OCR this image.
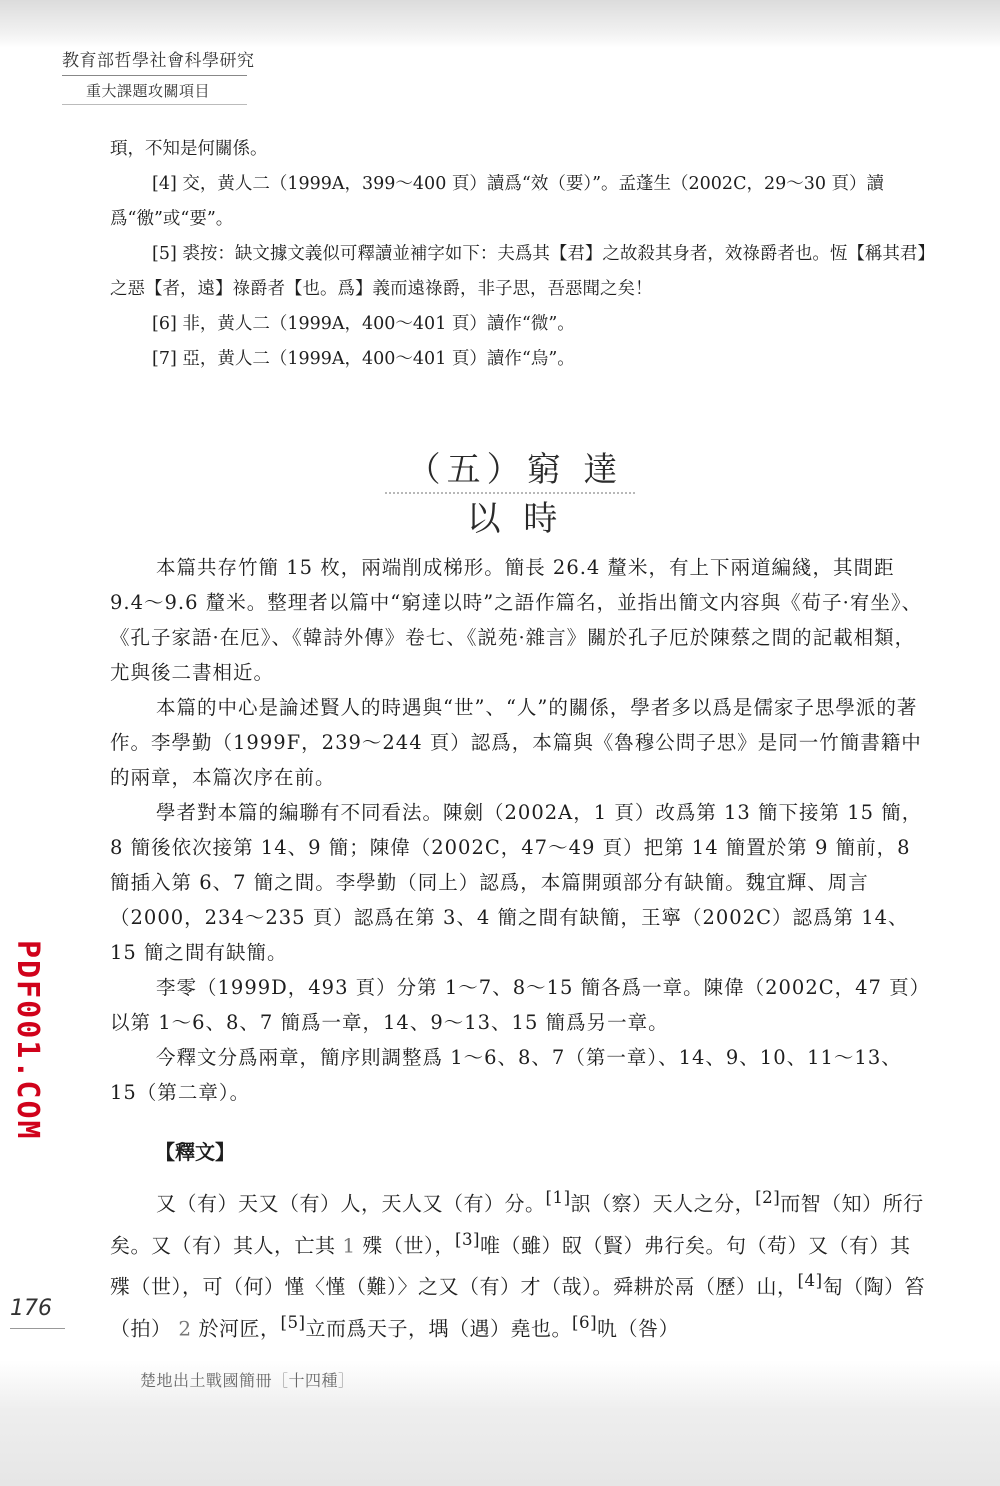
教育部哲學社會科學研究
重大課題攻關項目

頊，不知是何關係。

[4] 交，黄人二（1999A，399～400 頁）讀爲“效（要）”。孟蓬生（2002C，29～30 頁）讀爲“徼”或“要”。

[5] 裘按：缺文據文義似可釋讀並補字如下：夫爲其【君】之故殺其身者，效祿爵者也。恆【稱其君】之惡【者，遠】祿爵者【也。爲】義而遠祿爵，非子思，吾惡聞之矣！

[6] 非，黄人二（1999A，400～401 頁）讀作“微”。

[7] 亞，黄人二（1999A，400～401 頁）讀作“烏”。

（五）窮 達 以 時

本篇共存竹簡 15 枚，兩端削成梯形。簡長 26.4 釐米，有上下兩道編綫，其間距 9.4～9.6 釐米。整理者以篇中“窮達以時”之語作篇名，並指出簡文内容與《荀子·宥坐》、《孔子家語·在厄》、《韓詩外傳》卷七、《説苑·雜言》關於孔子厄於陳蔡之間的記載相類，尤與後二書相近。

本篇的中心是論述賢人的時遇與“世”、“人”的關係，學者多以爲是儒家子思學派的著作。李學勤（1999F，239～244 頁）認爲，本篇與《魯穆公問子思》是同一竹簡書籍中的兩章，本篇次序在前。

學者對本篇的編聯有不同看法。陳劍（2002A，1 頁）改爲第 13 簡下接第 15 簡，8 簡後依次接第 14、9 簡；陳偉（2002C，47～49 頁）把第 14 簡置於第 9 簡前，8 簡插入第 6、7 簡之間。李學勤（同上）認爲，本篇開頭部分有缺簡。魏宜輝、周言（2000，234～235 頁）認爲在第 3、4 簡之間有缺簡，王寧（2002C）認爲第 14、15 簡之間有缺簡。

李零（1999D，493 頁）分第 1～7、8～15 簡各爲一章。陳偉（2002C，47 頁）以第 1～6、8、7 簡爲一章，14、9～13、15 簡爲另一章。

今釋文分爲兩章，簡序則調整爲 1～6、8、7（第一章）、14、9、10、11～13、15（第二章）。

【釋文】

又（有）天又（有）人，天人又（有）分。[1]䛊（察）天人之分，[2]而智（知）所行矣。又（有）其人，亡其 1 殜（世），[3]唯（雖）臤（賢）弗行矣。句（苟）又（有）其殜（世），可（何）慬〈慬（難）〉之又（有）才（哉）。舜耕於鬲（歷）山，[4]匋（陶）笞（拍） 2 於河匠，[5]立而爲天子，堣（遇）堯也。[6]㕤（咎）

176
PDF001.COM
楚地出土戰國簡冊［十四種］
